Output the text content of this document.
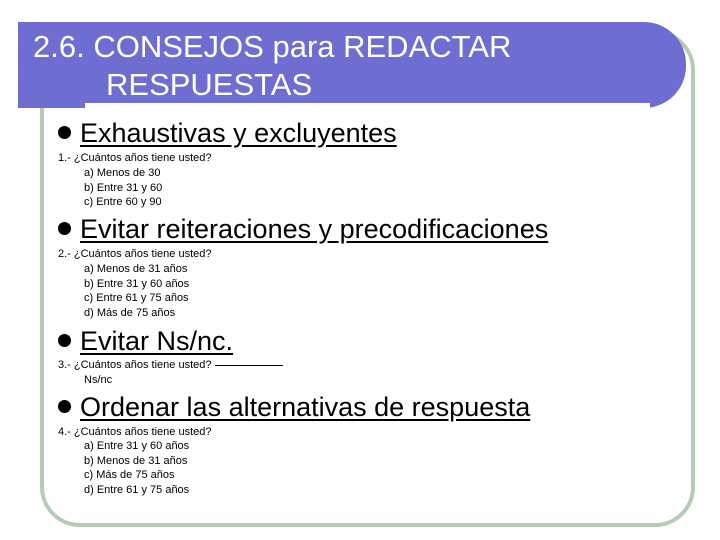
2.6. CONSEJOS para REDACTAR
RESPUESTAS
Exhaustivas y excluyentes
1.- ¿Cuántos años tiene usted?
a) Menos de 30
b) Entre 31 y 60
c) Entre 60 y 90
Evitar reiteraciones y precodificaciones
2.- ¿Cuántos años tiene usted?
a) Menos de 31 años
b) Entre 31 y 60 años
c) Entre 61 y 75 años
d) Más de 75 años
Evitar Ns/nc.
3.- ¿Cuántos años tiene usted?
Ns/nc
Ordenar las alternativas de respuesta
4.- ¿Cuántos años tiene usted?
a) Entre 31 y 60 años
b) Menos de 31 años
c) Más de 75 años
d) Entre 61 y 75 años
